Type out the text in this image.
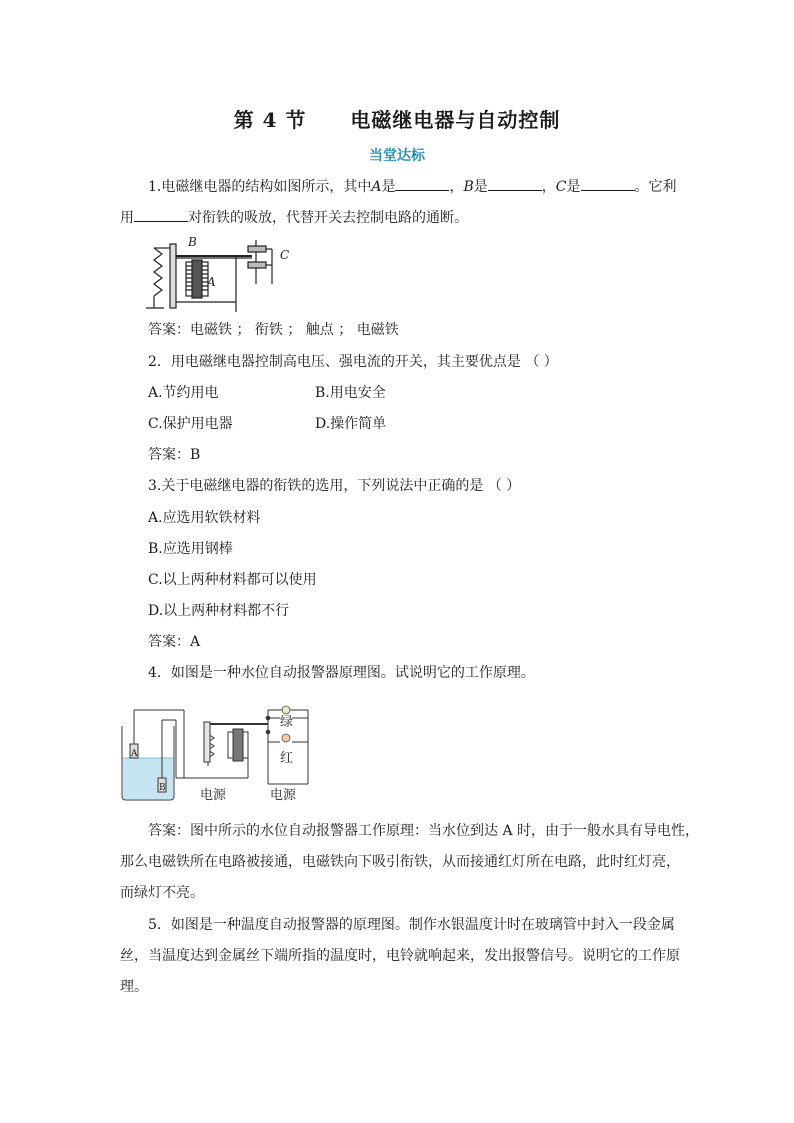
第 4 节 电磁继电器与自动控制
当堂达标
1.电磁继电器的结构如图所示，其中A是	，B是	，C是	。它利
用	对衔铁的吸放，代替开关去控制电路的通断。
B
A
C
答案：电磁铁 ； 衔铁 ； 触点 ； 电磁铁
2．用电磁继电器控制高电压、强电流的开关，其主要优点是 （ ）
A.节约用电	B.用电安全
C.保护用电器	D.操作简单
答案：B
3.关于电磁继电器的衔铁的选用，下列说法中正确的是 （ ）
A.应选用软铁材料
B.应选用钢棒
C.以上两种材料都可以使用
D.以上两种材料都不行
答案：A
4．如图是一种水位自动报警器原理图。试说明它的工作原理。
绿
红
A
B	电源	电源
答案：图中所示的水位自动报警器工作原理：当水位到达 A 时，由于一般水具有导电性，
那么电磁铁所在电路被接通，电磁铁向下吸引衔铁，从而接通红灯所在电路，此时红灯亮，
而绿灯不亮。
5．如图是一种温度自动报警器的原理图。制作水银温度计时在玻璃管中封入一段金属
丝，当温度达到金属丝下端所指的温度时，电铃就响起来，发出报警信号。说明它的工作原
理。
